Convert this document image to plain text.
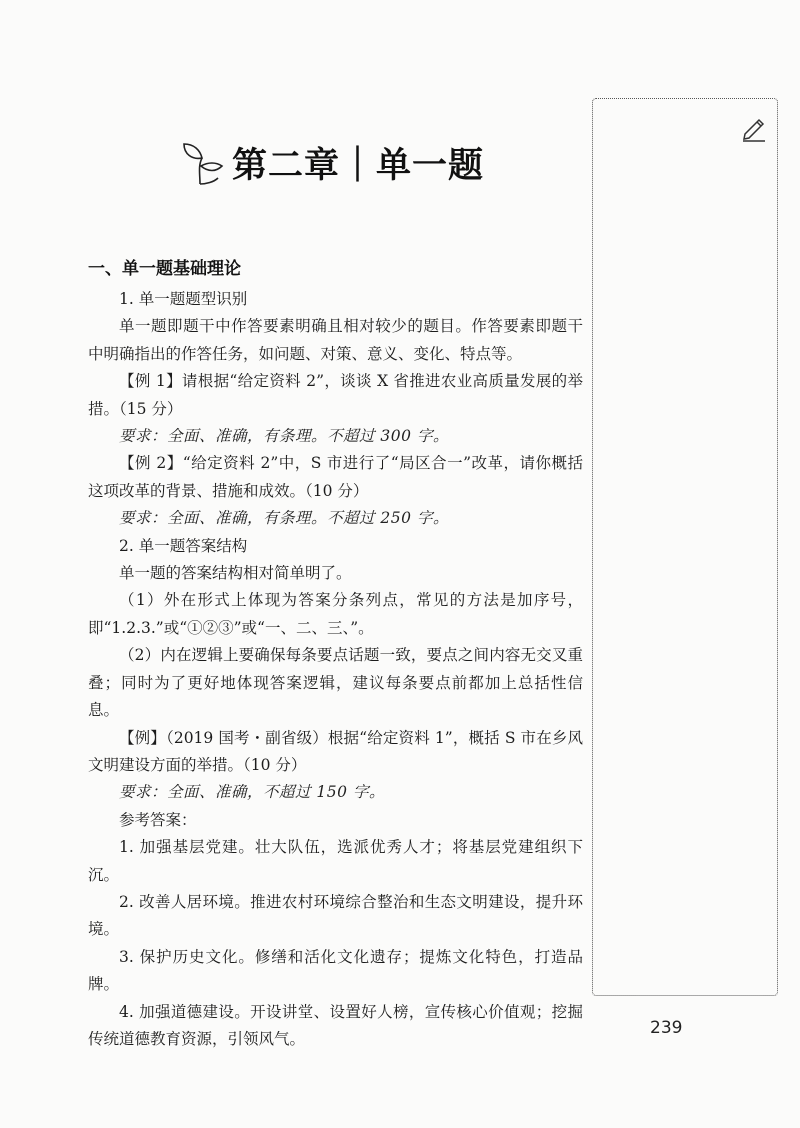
第二章｜单一题
一、单一题基础理论

1. 单一题题型识别

单一题即题干中作答要素明确且相对较少的题目。作答要素即题干中明确指出的作答任务，如问题、对策、意义、变化、特点等。

【例 1】请根据“给定资料 2”，谈谈 X 省推进农业高质量发展的举措。（15 分）

要求：全面、准确，有条理。不超过 300 字。

【例 2】“给定资料 2”中，S 市进行了“局区合一”改革，请你概括这项改革的背景、措施和成效。（10 分）

要求：全面、准确，有条理。不超过 250 字。

2. 单一题答案结构

单一题的答案结构相对简单明了。

（1）外在形式上体现为答案分条列点，常见的方法是加序号，即“1.2.3.”或“①②③”或“一、二、三、”。

（2）内在逻辑上要确保每条要点话题一致，要点之间内容无交叉重叠；同时为了更好地体现答案逻辑，建议每条要点前都加上总括性信息。

【例】（2019 国考・副省级）根据“给定资料 1”，概括 S 市在乡风文明建设方面的举措。（10 分）

要求：全面、准确，不超过 150 字。

参考答案：

1. 加强基层党建。壮大队伍，选派优秀人才；将基层党建组织下沉。

2. 改善人居环境。推进农村环境综合整治和生态文明建设，提升环境。

3. 保护历史文化。修缮和活化文化遗存；提炼文化特色，打造品牌。

4. 加强道德建设。开设讲堂、设置好人榜，宣传核心价值观；挖掘传统道德教育资源，引领风气。

239
